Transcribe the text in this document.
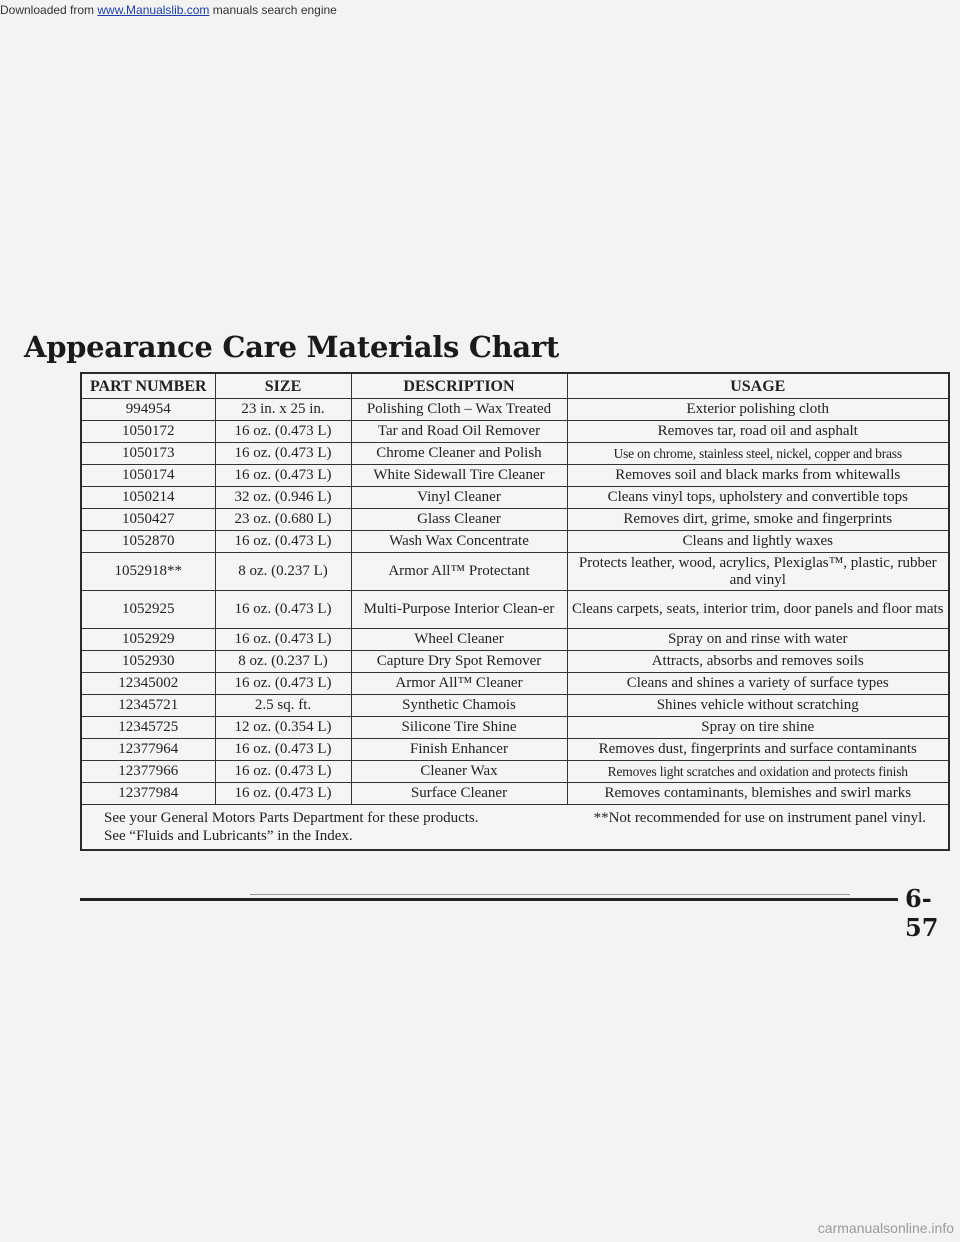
Downloaded from www.Manualslib.com manuals search engine
Appearance Care Materials Chart
PART NUMBER	SIZE	DESCRIPTION	USAGE
994954	23 in. x 25 in.	Polishing Cloth – Wax Treated	Exterior polishing cloth
1050172	16 oz. (0.473 L)	Tar and Road Oil Remover	Removes tar, road oil and asphalt
1050173	16 oz. (0.473 L)	Chrome Cleaner and Polish	Use on chrome, stainless steel, nickel, copper and brass
1050174	16 oz. (0.473 L)	White Sidewall Tire Cleaner	Removes soil and black marks from whitewalls
1050214	32 oz. (0.946 L)	Vinyl Cleaner	Cleans vinyl tops, upholstery and convertible tops
1050427	23 oz. (0.680 L)	Glass Cleaner	Removes dirt, grime, smoke and fingerprints
1052870	16 oz. (0.473 L)	Wash Wax Concentrate	Cleans and lightly waxes
1052918**	8 oz. (0.237 L)	Armor All™ Protectant	Protects leather, wood, acrylics, Plexiglas™, plastic, rubber and vinyl
1052925	16 oz. (0.473 L)	Multi-Purpose Interior Clean-er	Cleans carpets, seats, interior trim, door panels and floor mats
1052929	16 oz. (0.473 L)	Wheel Cleaner	Spray on and rinse with water
1052930	8 oz. (0.237 L)	Capture Dry Spot Remover	Attracts, absorbs and removes soils
12345002	16 oz. (0.473 L)	Armor All™ Cleaner	Cleans and shines a variety of surface types
12345721	2.5 sq. ft.	Synthetic Chamois	Shines vehicle without scratching
12345725	12 oz. (0.354 L)	Silicone Tire Shine	Spray on tire shine
12377964	16 oz. (0.473 L)	Finish Enhancer	Removes dust, fingerprints and surface contaminants
12377966	16 oz. (0.473 L)	Cleaner Wax	Removes light scratches and oxidation and protects finish
12377984	16 oz. (0.473 L)	Surface Cleaner	Removes contaminants, blemishes and swirl marks

See your General Motors Parts Department for these products. **Not recommended for use on instrument panel vinyl.

See “Fluids and Lubricants” in the Index.			
6-57
carmanualsonline.info
